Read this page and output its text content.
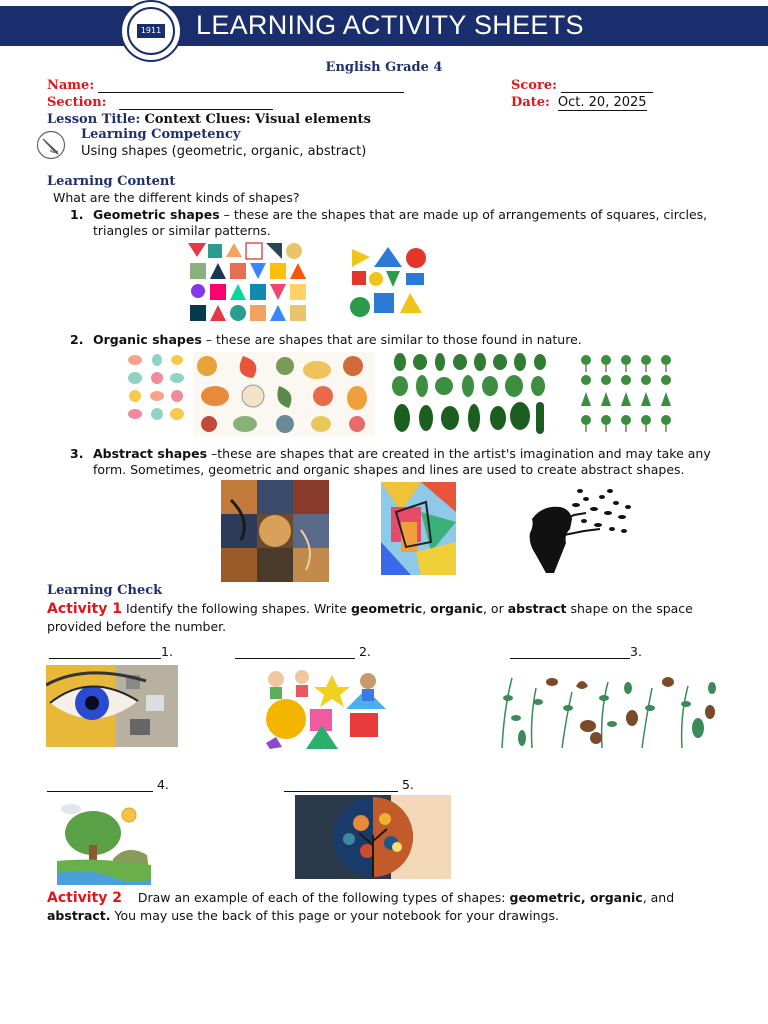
1911 LEARNING ACTIVITY SHEETS
English Grade 4
Name:
Section:
Score:
Date: Oct. 20, 2025
Lesson Title: Context Clues: Visual elements
Learning Competency
Using shapes (geometric, organic, abstract)
Learning Content
What are the different kinds of shapes?
1. Geometric shapes – these are the shapes that are made up of arrangements of squares, circles, triangles or similar patterns.
2. Organic shapes – these are shapes that are similar to those found in nature.
3. Abstract shapes –these are shapes that are created in the artist's imagination and may take any form. Sometimes, geometric and organic shapes and lines are used to create abstract shapes.
Learning Check
Activity 1 Identify the following shapes. Write geometric, organic, or abstract shape on the space provided before the number.
1.	2.	3.
4.	5.
Activity 2    Draw an example of each of the following types of shapes: geometric, organic, and abstract. You may use the back of this page or your notebook for your drawings.
